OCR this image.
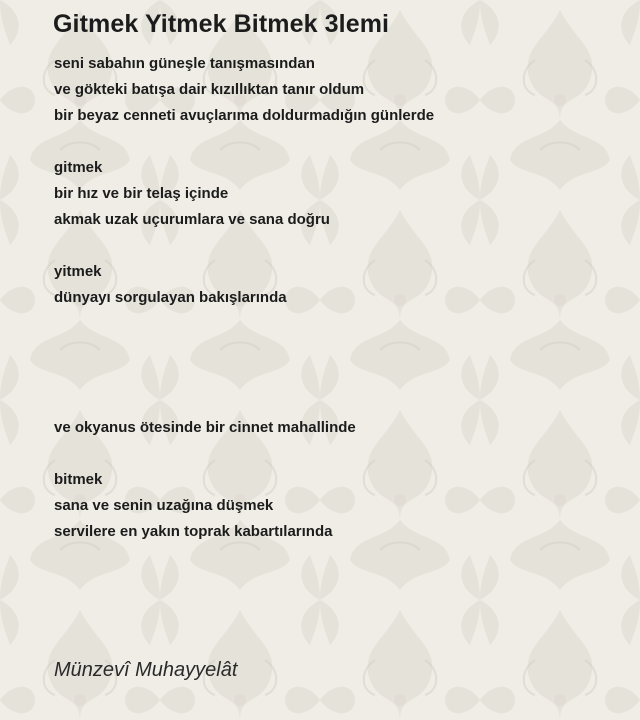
Gitmek Yitmek Bitmek 3lemi
seni sabahın güneşle tanışmasından
ve gökteki batışa dair kızıllıktan tanır oldum
bir beyaz cenneti avuçlarıma doldurmadığın günlerde
gitmek
bir hız ve bir telaş içinde
akmak uzak uçurumlara ve sana doğru
yitmek
dünyayı sorgulayan bakışlarında
ve okyanus ötesinde bir cinnet mahallinde
bitmek
sana ve senin uzağına düşmek
servilere en yakın toprak kabartılarında
Münzevî Muhayyelât
